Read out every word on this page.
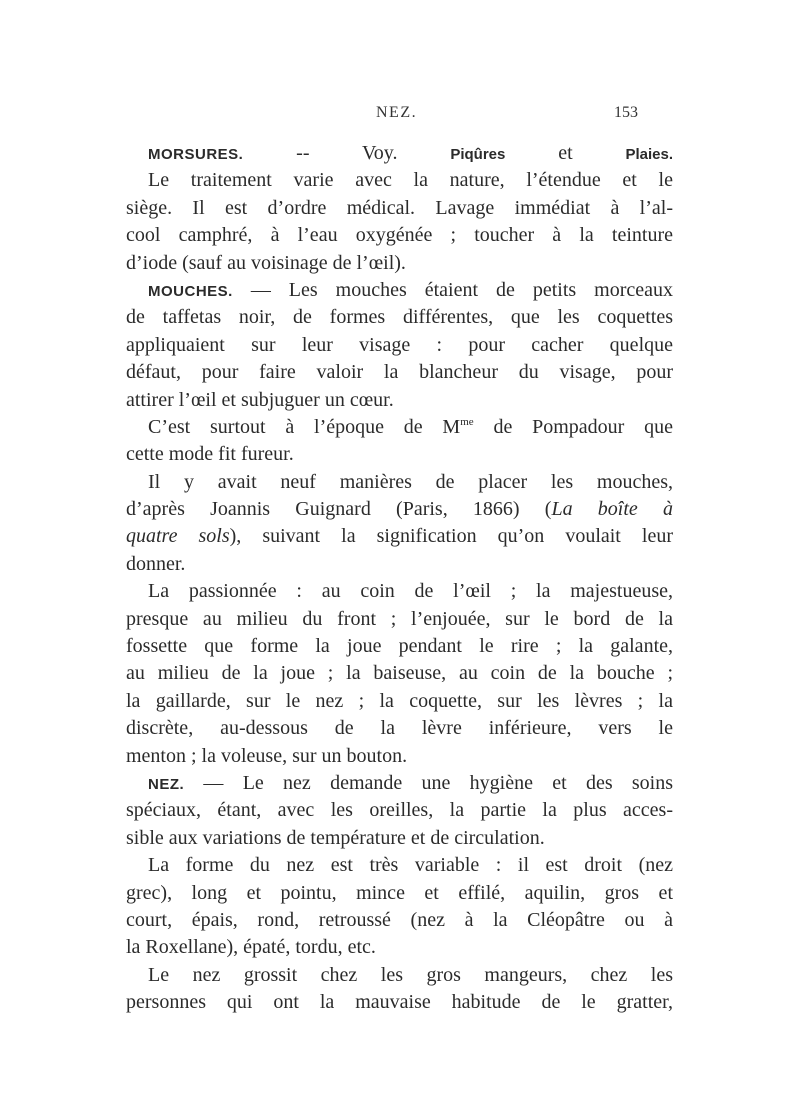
NEZ.	153
MORSURES. -- Voy. Piqûres et Plaies.
Le traitement varie avec la nature, l’étendue et le
siège. Il est d’ordre médical. Lavage immédiat à l’al-
cool camphré, à l’eau oxygénée ; toucher à la teinture
d’iode (sauf au voisinage de l’œil).
MOUCHES. — Les mouches étaient de petits morceaux
de taffetas noir, de formes différentes, que les coquettes
appliquaient sur leur visage : pour cacher quelque
défaut, pour faire valoir la blancheur du visage, pour
attirer l’œil et subjuguer un cœur.
C’est surtout à l’époque de $M^{me}$ de Pompadour que
cette mode fit fureur.
Il y avait neuf manières de placer les mouches,
d’après Joannis Guignard (Paris, 1866) (La boîte à
quatre sols), suivant la signification qu’on voulait leur
donner.
La passionnée : au coin de l’œil ; la majestueuse,
presque au milieu du front ; l’enjouée, sur le bord de la
fossette que forme la joue pendant le rire ; la galante,
au milieu de la joue ; la baiseuse, au coin de la bouche ;
la gaillarde, sur le nez ; la coquette, sur les lèvres ; la
discrète, au-dessous de la lèvre inférieure, vers le
menton ; la voleuse, sur un bouton.
NEZ. — Le nez demande une hygiène et des soins
spéciaux, étant, avec les oreilles, la partie la plus acces-
sible aux variations de température et de circulation.
La forme du nez est très variable : il est droit (nez
grec), long et pointu, mince et effilé, aquilin, gros et
court, épais, rond, retroussé (nez à la Cléopâtre ou à
la Roxellane), épaté, tordu, etc.
Le nez grossit chez les gros mangeurs, chez les
personnes qui ont la mauvaise habitude de le gratter,
